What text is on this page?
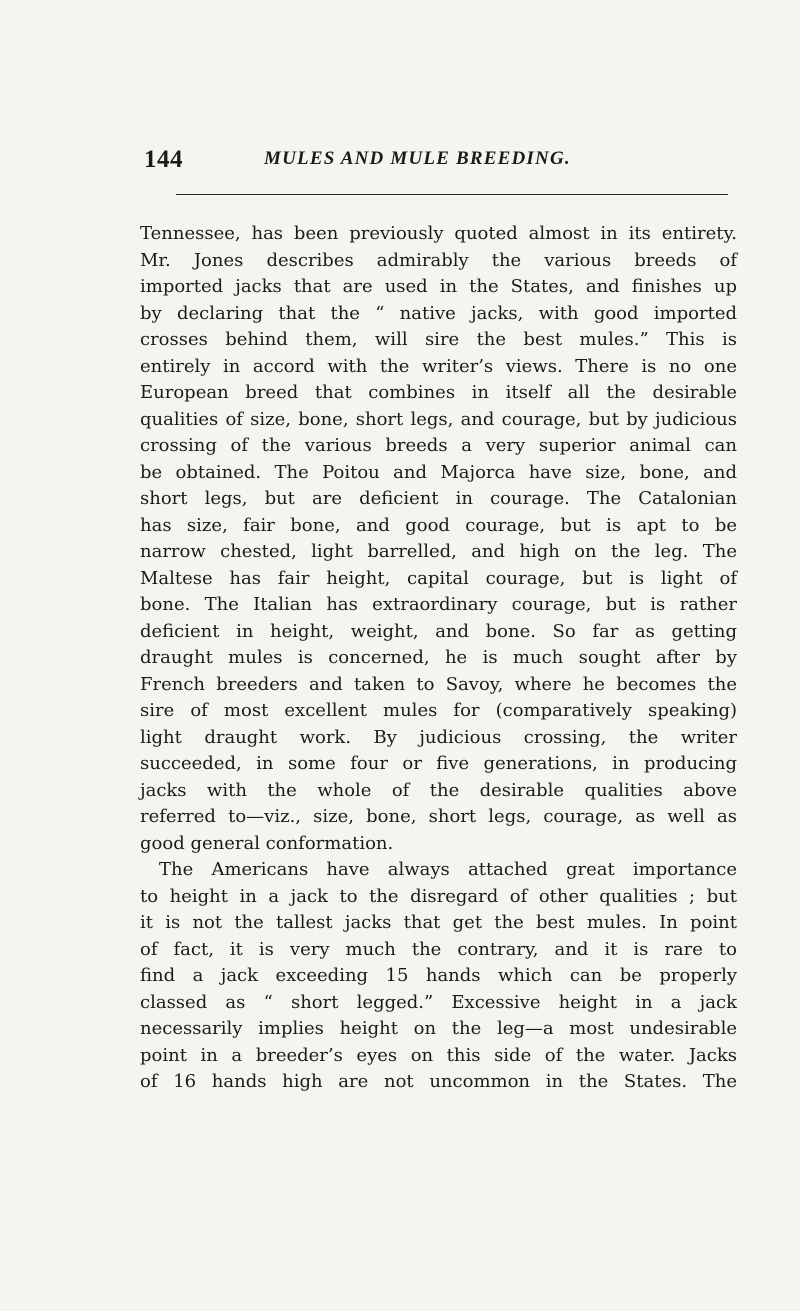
144	MULES AND MULE BREEDING.
Tennessee, has been previously quoted almost in its entirety.
Mr. Jones describes admirably the various breeds of
imported jacks that are used in the States, and finishes up
by declaring that the “ native jacks, with good imported
crosses behind them, will sire the best mules.” This is
entirely in accord with the writer’s views. There is no one
European breed that combines in itself all the desirable
qualities of size, bone, short legs, and courage, but by judicious
crossing of the various breeds a very superior animal can
be obtained. The Poitou and Majorca have size, bone, and
short legs, but are deficient in courage. The Catalonian
has size, fair bone, and good courage, but is apt to be
narrow chested, light barrelled, and high on the leg. The
Maltese has fair height, capital courage, but is light of
bone. The Italian has extraordinary courage, but is rather
deficient in height, weight, and bone. So far as getting
draught mules is concerned, he is much sought after by
French breeders and taken to Savoy, where he becomes the
sire of most excellent mules for (comparatively speaking)
light draught work. By judicious crossing, the writer
succeeded, in some four or five generations, in producing
jacks with the whole of the desirable qualities above
referred to—viz., size, bone, short legs, courage, as well as
good general conformation.
The Americans have always attached great importance
to height in a jack to the disregard of other qualities ; but
it is not the tallest jacks that get the best mules. In point
of fact, it is very much the contrary, and it is rare to
find a jack exceeding 15 hands which can be properly
classed as “ short legged.” Excessive height in a jack
necessarily implies height on the leg—a most undesirable
point in a breeder’s eyes on this side of the water. Jacks
of 16 hands high are not uncommon in the States. The
